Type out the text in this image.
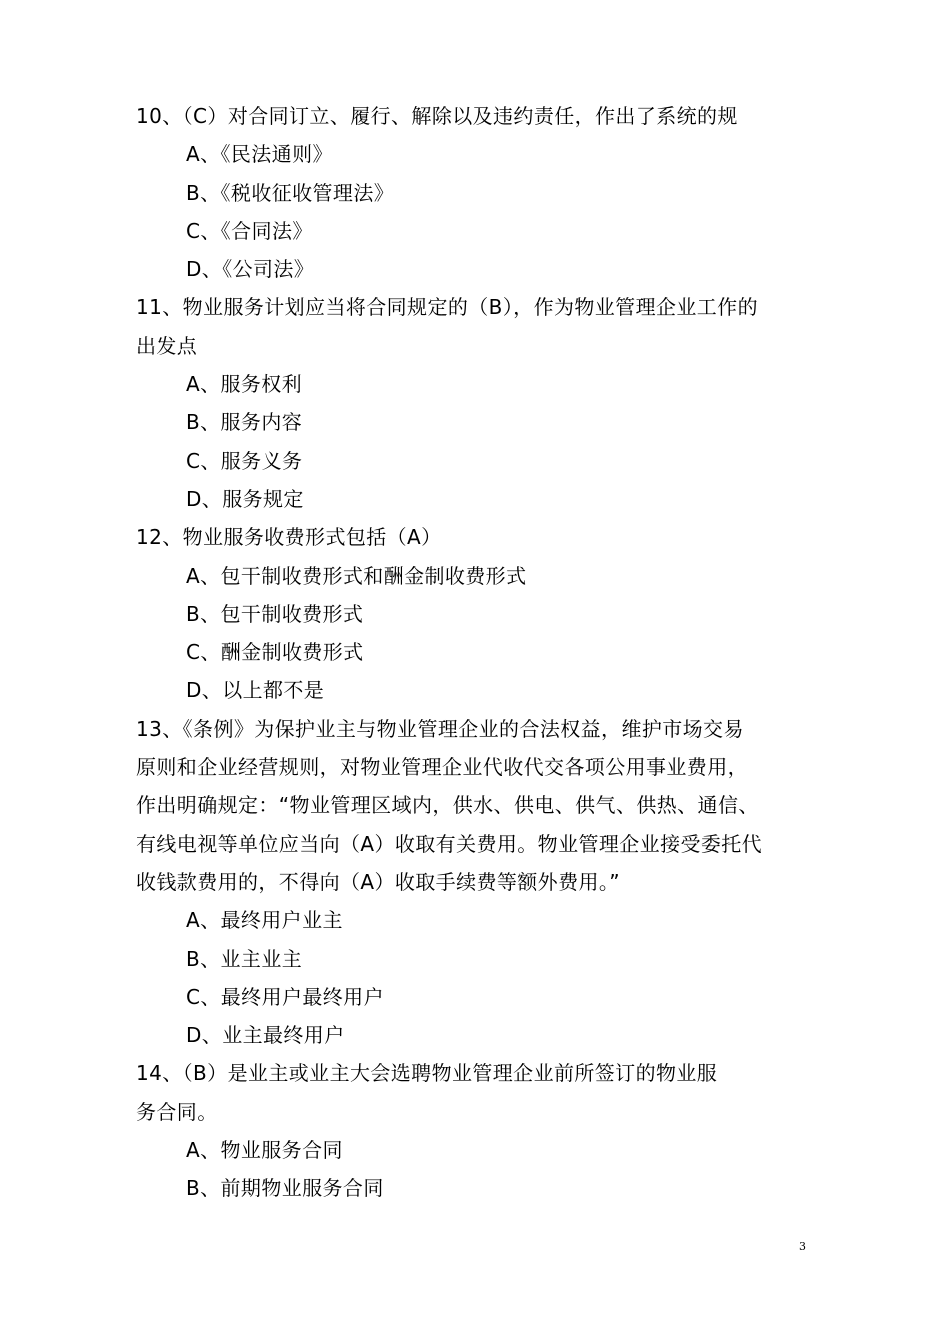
10、（C）对合同订立、履行、解除以及违约责任，作出了系统的规
A、《民法通则》
B、《税收征收管理法》
C、《合同法》
D、《公司法》
11、物业服务计划应当将合同规定的（B），作为物业管理企业工作的
出发点
A、服务权利
B、服务内容
C、服务义务
D、服务规定
12、物业服务收费形式包括（A）
A、包干制收费形式和酬金制收费形式
B、包干制收费形式
C、酬金制收费形式
D、以上都不是
13、《条例》为保护业主与物业管理企业的合法权益，维护市场交易
原则和企业经营规则，对物业管理企业代收代交各项公用事业费用，
作出明确规定：“物业管理区域内，供水、供电、供气、供热、通信、
有线电视等单位应当向（A）收取有关费用。物业管理企业接受委托代
收钱款费用的，不得向（A）收取手续费等额外费用。”
A、最终用户业主
B、业主业主
C、最终用户最终用户
D、业主最终用户
14、（B）是业主或业主大会选聘物业管理企业前所签订的物业服
务合同。
A、物业服务合同
B、前期物业服务合同
3
